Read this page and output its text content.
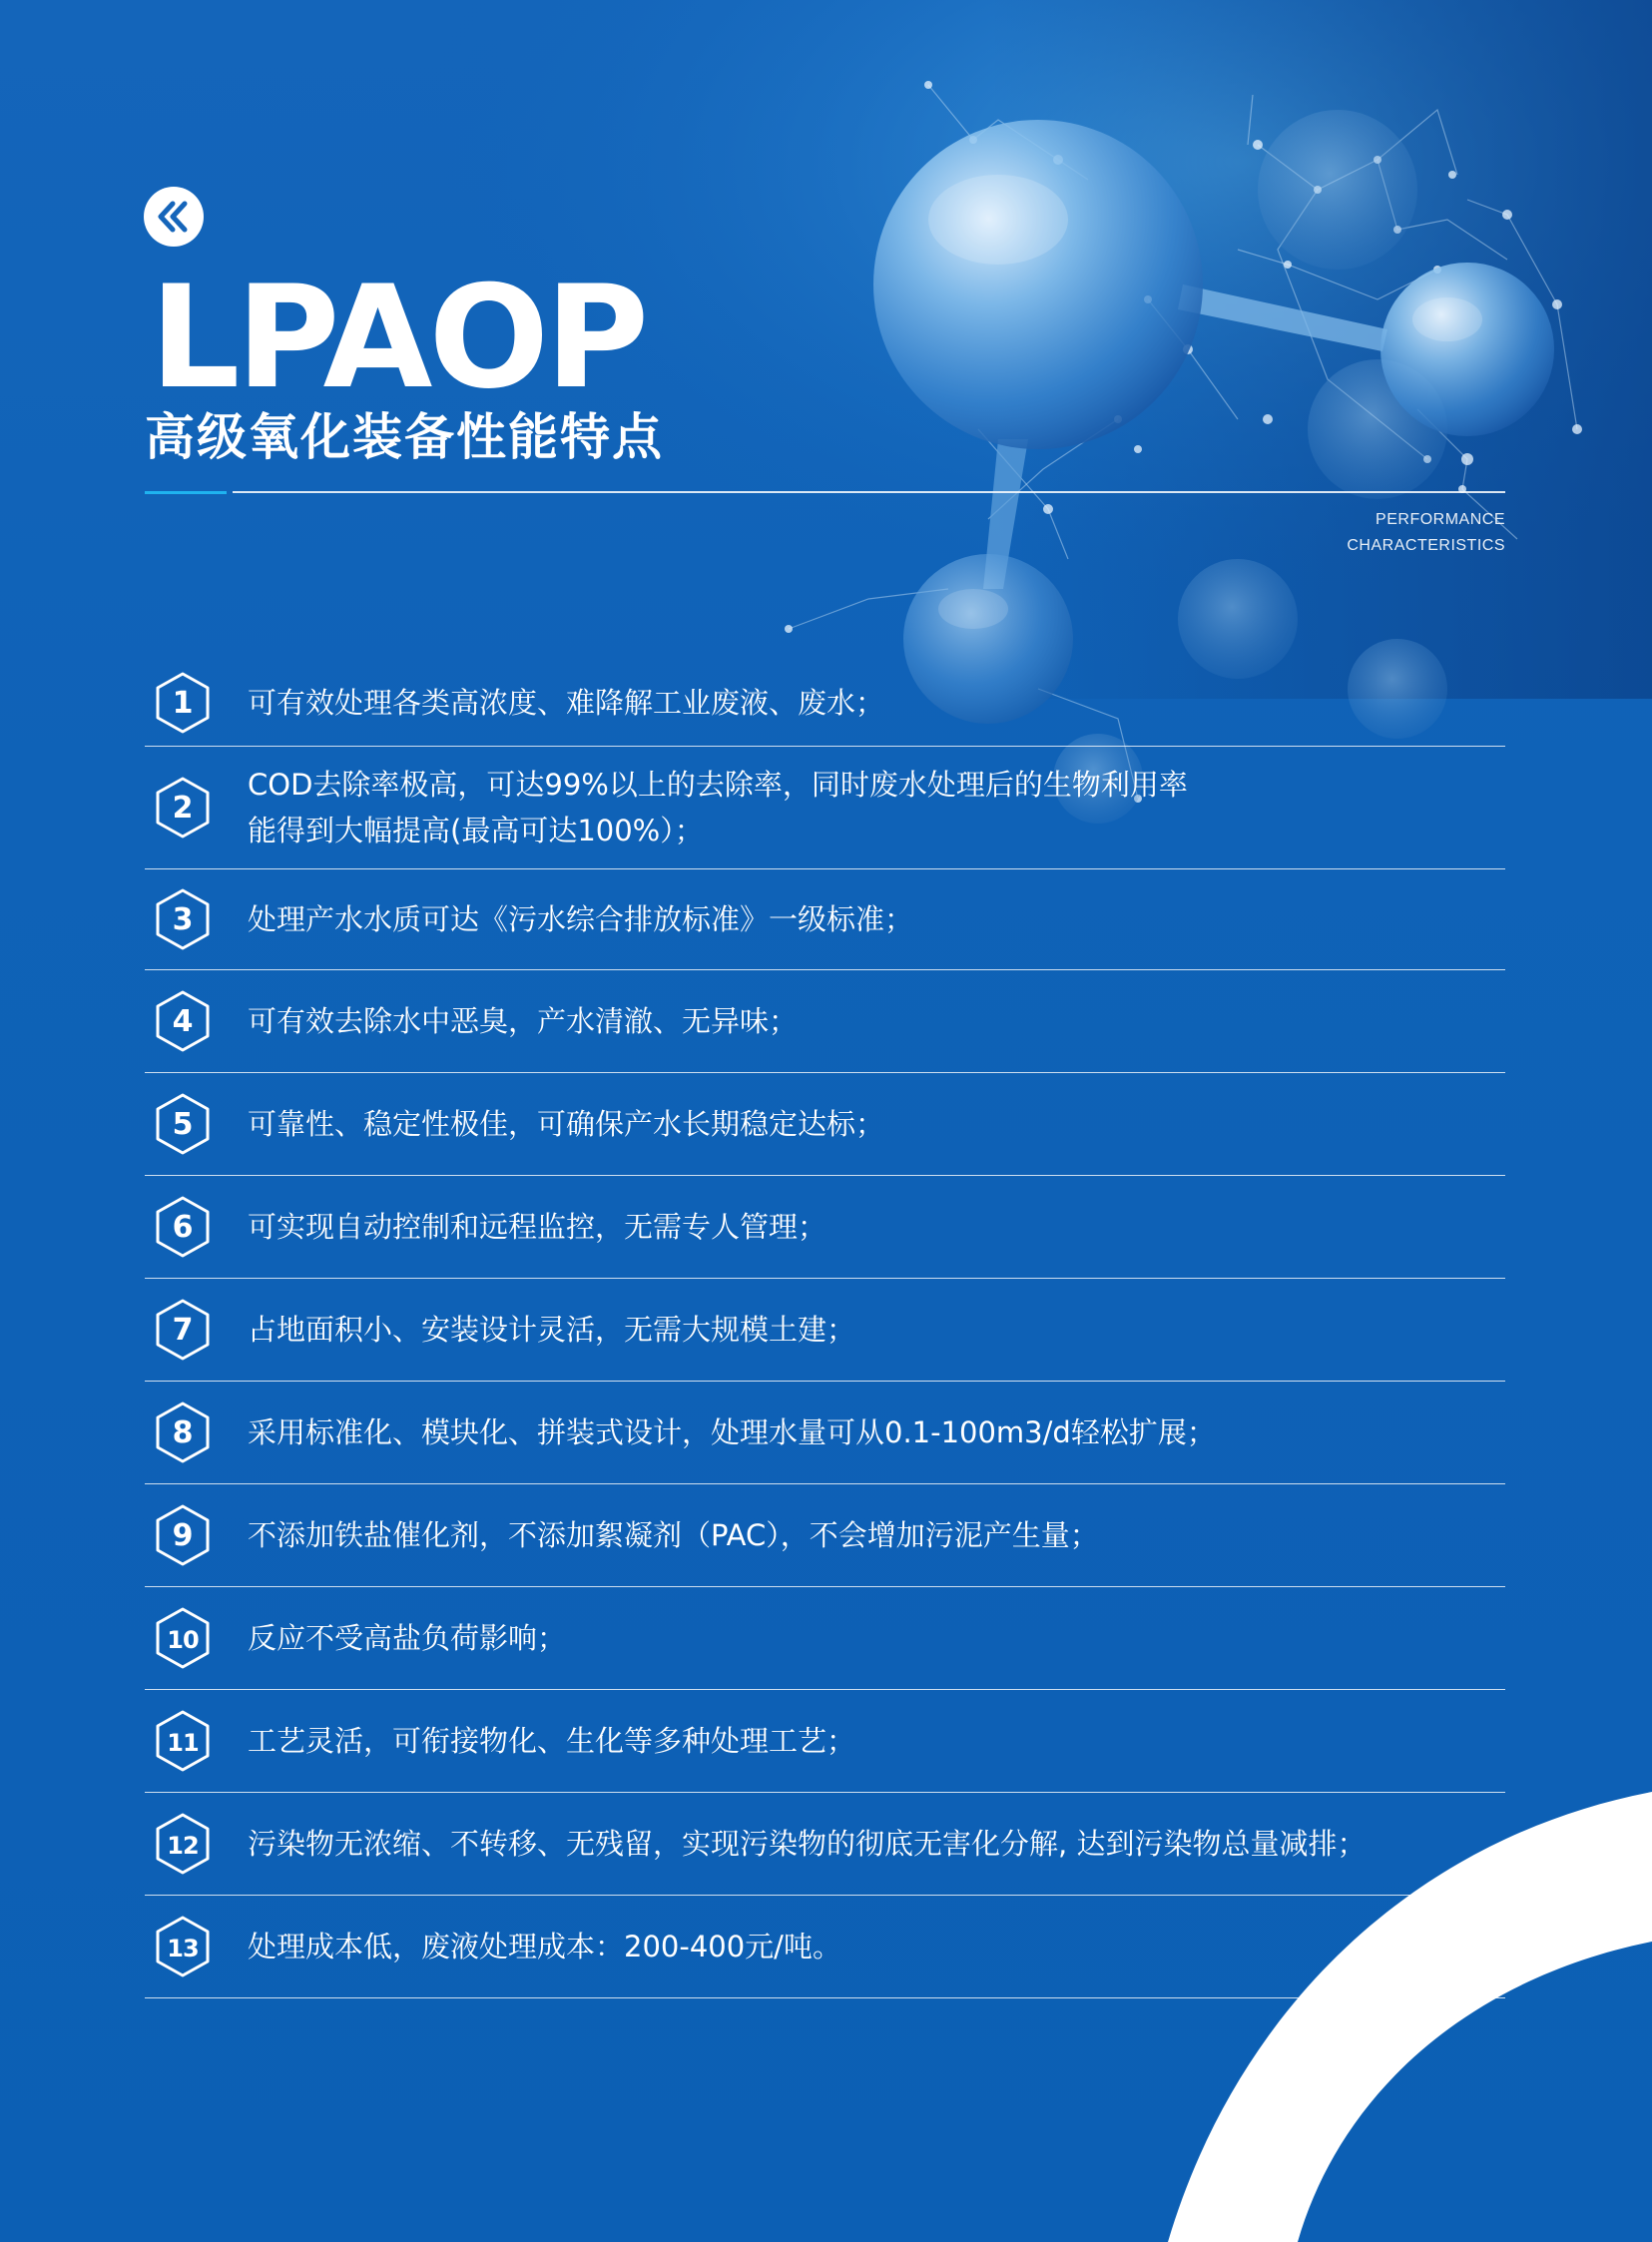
LPAOP
高级氧化装备性能特点
PERFORMANCE
CHARACTERISTICS
1 可有效处理各类高浓度、难降解工业废液、废水；
2
COD去除率极高，可达99%以上的去除率，同时废水处理后的生物利用率
能得到大幅提高(最高可达100%）；
3 处理产水水质可达《污水综合排放标准》一级标准；
4 可有效去除水中恶臭，产水清澈、无异味；
5 可靠性、稳定性极佳，可确保产水长期稳定达标；
6 可实现自动控制和远程监控，无需专人管理；
7 占地面积小、安装设计灵活，无需大规模土建；
8 采用标准化、模块化、拼装式设计，处理水量可从0.1-100m3/d轻松扩展；
9 不添加铁盐催化剂，不添加絮凝剂（PAC），不会增加污泥产生量；
10 反应不受高盐负荷影响；
11 工艺灵活，可衔接物化、生化等多种处理工艺；
12 污染物无浓缩、不转移、无残留，实现污染物的彻底无害化分解, 达到污染物总量减排；
13 处理成本低，废液处理成本：200-400元/吨。
